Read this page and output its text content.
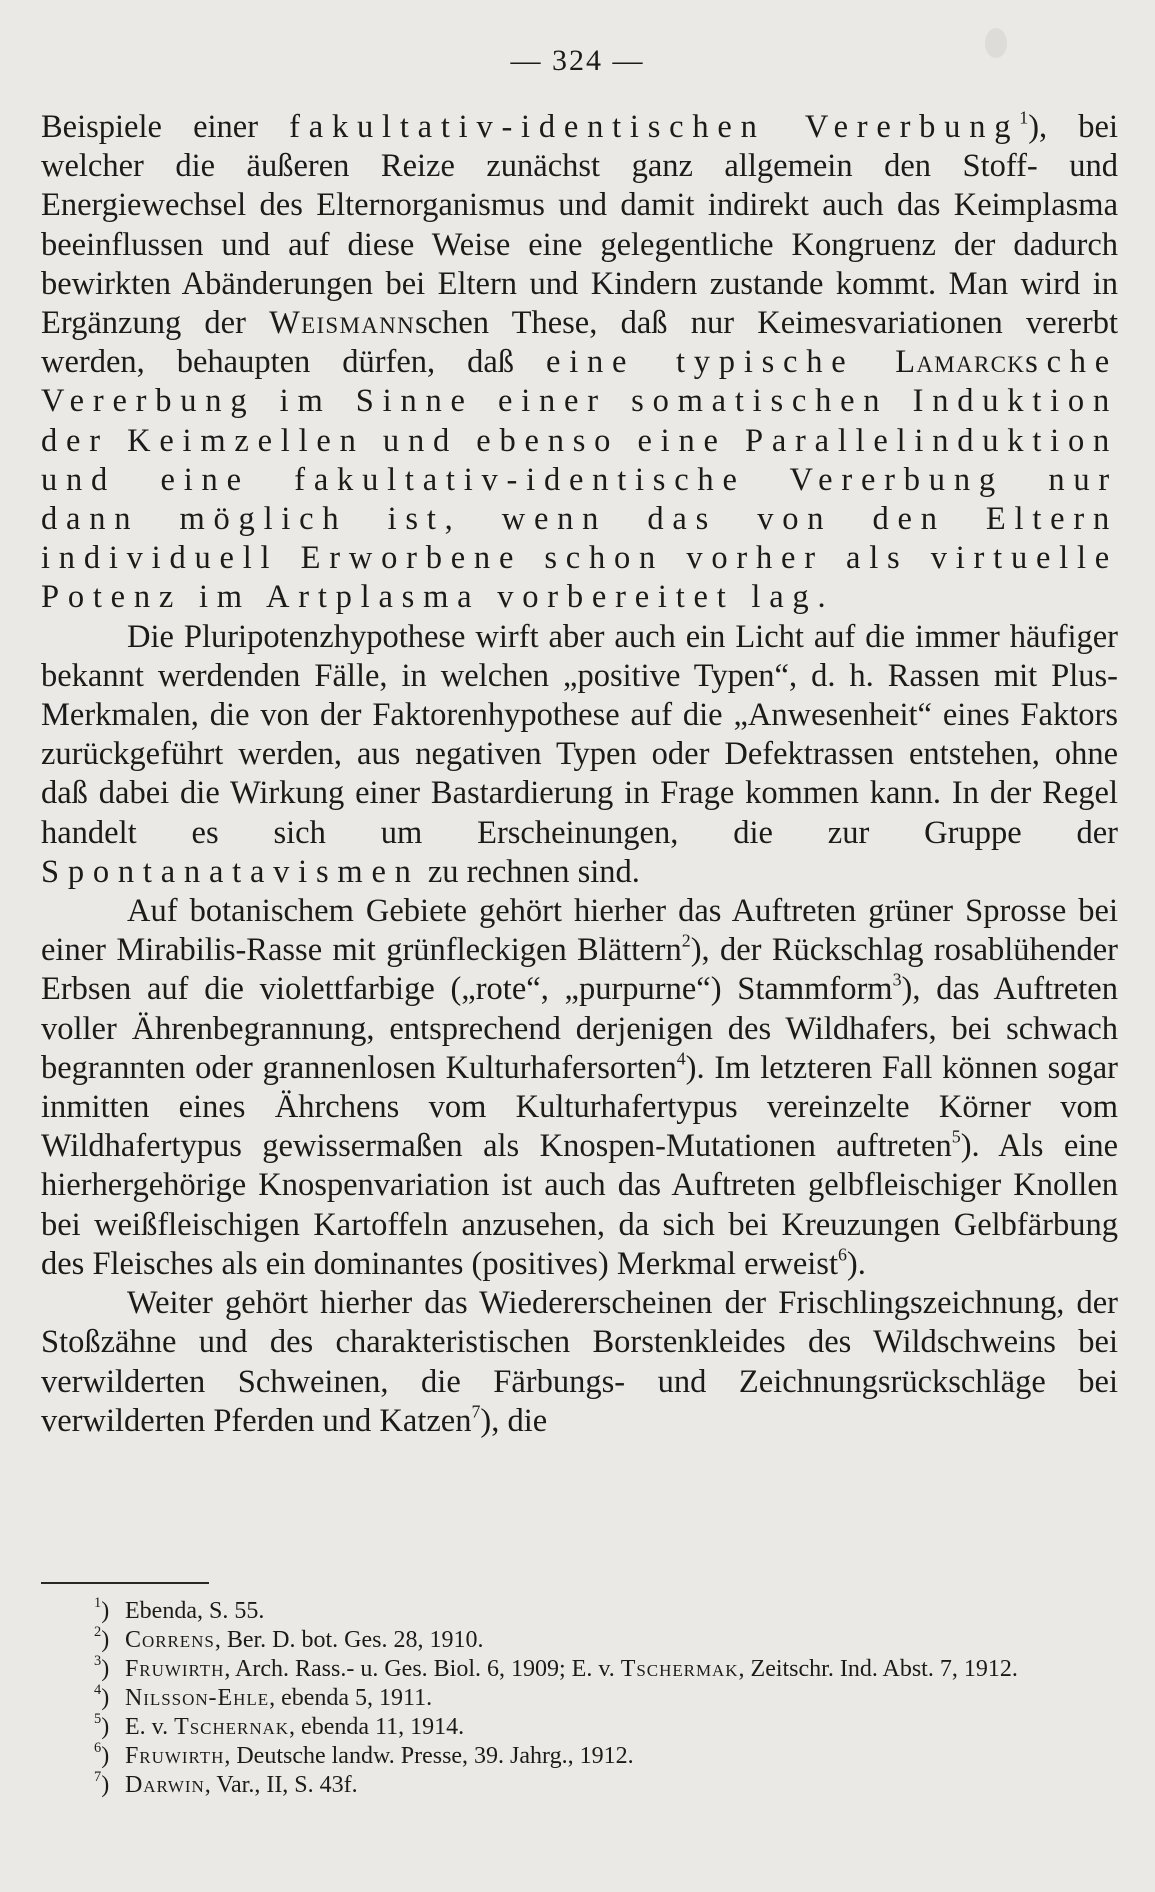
— 324 —

Beispiele einer fakultativ-identischen Vererbung$^1$), bei welcher die äußeren Reize zunächst ganz allgemein den Stoff- und Energiewechsel des Elternorganismus und damit indirekt auch das Keimplasma beeinflussen und auf diese Weise eine gelegentliche Kongruenz der dadurch bewirkten Abänderungen bei Eltern und Kindern zustande kommt. Man wird in Ergänzung der Weismannschen These, daß nur Keimesvariationen vererbt werden, behaupten dürfen, daß eine typische Lamarcksche Vererbung im Sinne einer somatischen Induktion der Keimzellen und ebenso eine Parallelinduktion und eine fakultativ-identische Vererbung nur dann möglich ist, wenn das von den Eltern individuell Erworbene schon vorher als virtuelle Potenz im Artplasma vorbereitet lag.

Die Pluripotenzhypothese wirft aber auch ein Licht auf die immer häufiger bekannt werdenden Fälle, in welchen „positive Typen“, d. h. Rassen mit Plus-Merkmalen, die von der Faktorenhypothese auf die „Anwesenheit“ eines Faktors zurückgeführt werden, aus negativen Typen oder Defektrassen entstehen, ohne daß dabei die Wirkung einer Bastardierung in Frage kommen kann. In der Regel handelt es sich um Erscheinungen, die zur Gruppe der Spontanatavismen zu rechnen sind.

Auf botanischem Gebiete gehört hierher das Auftreten grüner Sprosse bei einer Mirabilis-Rasse mit grünfleckigen Blättern$^2$), der Rückschlag rosablühender Erbsen auf die violettfarbige („rote“, „purpurne“) Stammform$^3$), das Auftreten voller Ährenbegrannung, entsprechend derjenigen des Wildhafers, bei schwach begrannten oder grannenlosen Kulturhafersorten$^4$). Im letzteren Fall können sogar inmitten eines Ährchens vom Kulturhafertypus vereinzelte Körner vom Wildhafertypus gewissermaßen als Knospen-Mutationen auftreten$^5$). Als eine hierhergehörige Knospenvariation ist auch das Auftreten gelbfleischiger Knollen bei weißfleischigen Kartoffeln anzusehen, da sich bei Kreuzungen Gelbfärbung des Fleisches als ein dominantes (positives) Merkmal erweist$^6$).

Weiter gehört hierher das Wiedererscheinen der Frischlingszeichnung, der Stoßzähne und des charakteristischen Borstenkleides des Wildschweins bei verwilderten Schweinen, die Färbungs- und Zeichnungsrückschläge bei verwilderten Pferden und Katzen$^7$), die

$^1$) Ebenda, S. 55.
$^2$) Correns, Ber. D. bot. Ges. 28, 1910.
$^3$) Fruwirth, Arch. Rass.- u. Ges. Biol. 6, 1909; E. v. Tschermak, Zeitschr. Ind. Abst. 7, 1912.
$^4$) Nilsson-Ehle, ebenda 5, 1911.
$^5$) E. v. Tschernak, ebenda 11, 1914.
$^6$) Fruwirth, Deutsche landw. Presse, 39. Jahrg., 1912.
$^7$) Darwin, Var., II, S. 43f.
